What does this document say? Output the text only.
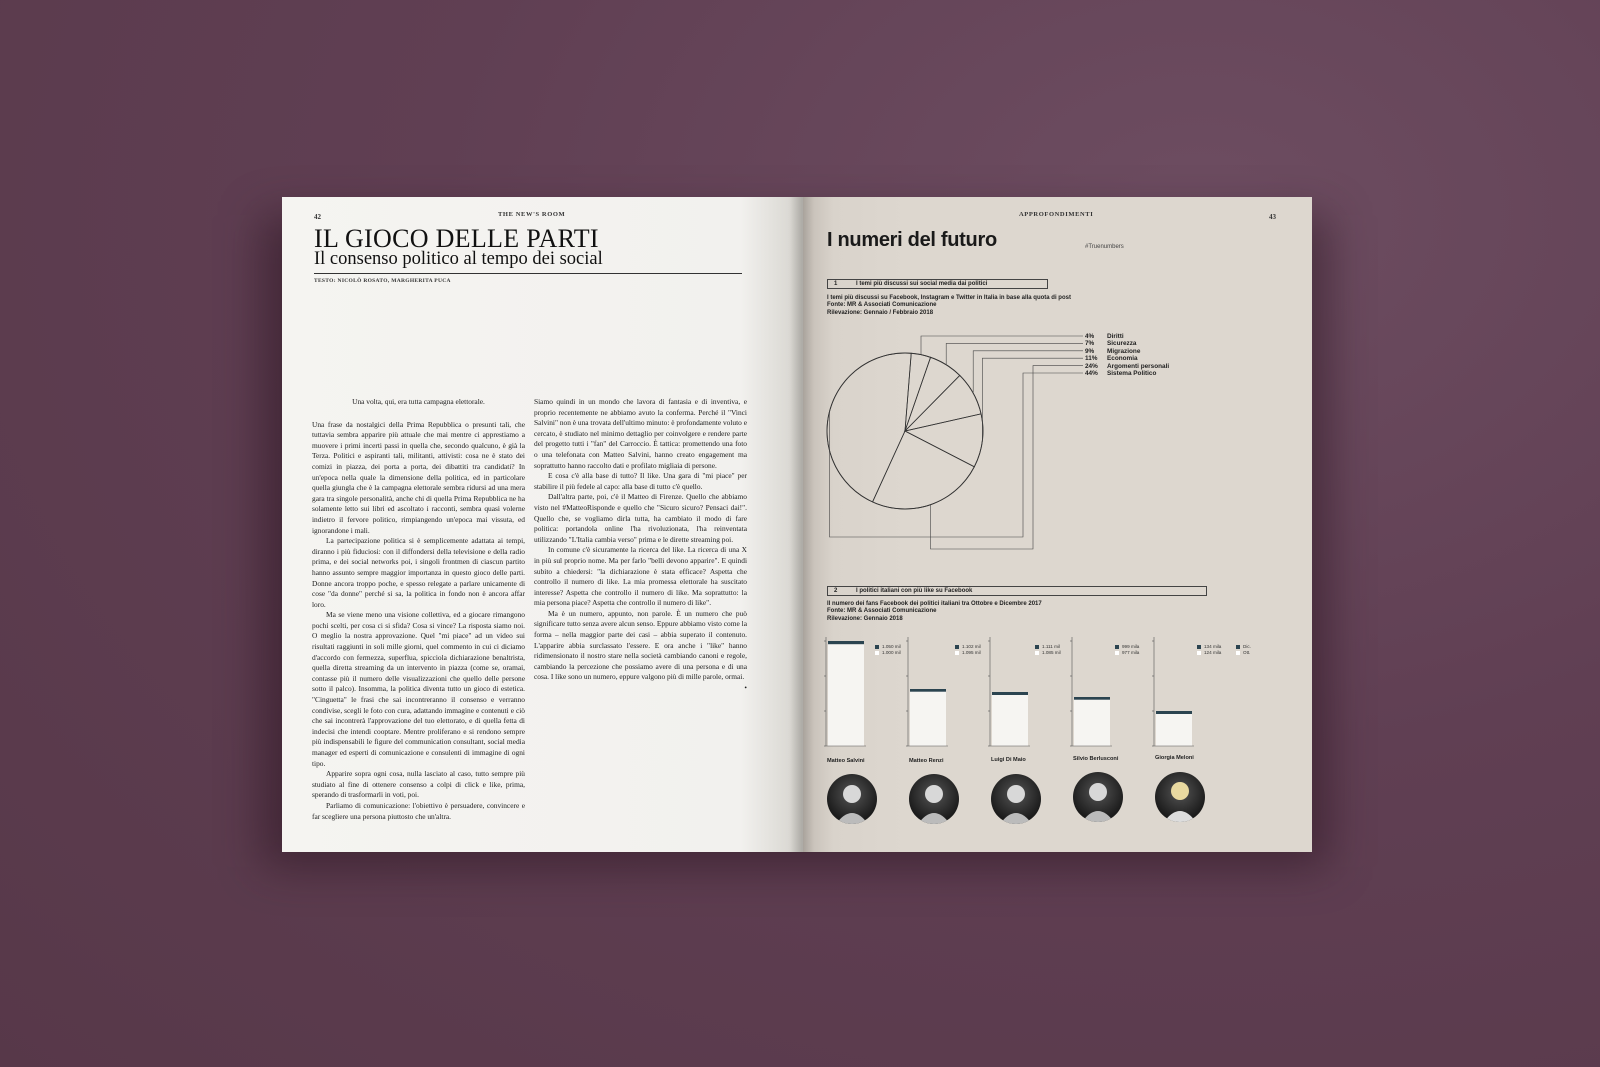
42	THE NEW'S ROOM
IL GIOCO DELLE PARTI
Il consenso politico al tempo dei social
TESTO: NICOLÒ ROSATO, MARGHERITA PUCA

Una volta, qui, era tutta campagna elettorale.

Una frase da nostalgici della Prima Repubblica o presunti tali, che tuttavia sembra apparire più attuale che mai mentre ci apprestiamo a muovere i primi incerti passi in quella che, secondo qualcuno, è già la Terza. Politici e aspiranti tali, militanti, attivisti: cosa ne è stato dei comizi in piazza, dei porta a porta, dei dibattiti tra candidati? In un'epoca nella quale la dimensione della politica, ed in particolare quella giungla che è la campagna elettorale sembra ridursi ad una mera gara tra singole personalità, anche chi di quella Prima Repubblica ne ha solamente letto sui libri ed ascoltato i racconti, sembra quasi volerne indietro il fervore politico, rimpiangendo un'epoca mai vissuta, ed ignorandone i mali.

La partecipazione politica si è semplicemente adattata ai tempi, diranno i più fiduciosi: con il diffondersi della televisione e della radio prima, e dei social networks poi, i singoli frontmen di ciascun partito hanno assunto sempre maggior importanza in questo gioco delle parti. Donne ancora troppo poche, e spesso relegate a parlare unicamente di cose "da donne" perché si sa, la politica in fondo non è ancora affar loro.

Ma se viene meno una visione collettiva, ed a giocare rimangono pochi scelti, per cosa ci si sfida? Cosa si vince? La risposta siamo noi. O meglio la nostra approvazione. Quel "mi piace" ad un video sui risultati raggiunti in soli mille giorni, quel commento in cui ci diciamo d'accordo con fermezza, superflua, spicciola dichiarazione benaltrista, quella diretta streaming da un intervento in piazza (come se, oramai, contasse più il numero delle visualizzazioni che quello delle persone sotto il palco). Insomma, la politica diventa tutto un gioco di estetica. "Cinguetta" le frasi che sai incontreranno il consenso e verranno condivise, scegli le foto con cura, adattando immagine e contenuti e ciò che sai incontrerà l'approvazione del tuo elettorato, e di quella fetta di indecisi che intendi cooptare. Mentre proliferano e si rendono sempre più indispensabili le figure del communication consultant, social media manager ed esperti di comunicazione e consulenti di immagine di ogni tipo.

Apparire sopra ogni cosa, nulla lasciato al caso, tutto sempre più studiato al fine di ottenere consenso a colpi di click e like, prima, sperando di trasformarli in voti, poi.

Parliamo di comunicazione: l'obiettivo è persuadere, convincere e far scegliere una persona piuttosto che un'altra.

Siamo quindi in un mondo che lavora di fantasia e di inventiva, e proprio recentemente ne abbiamo avuto la conferma. Perché il "Vinci Salvini" non è una trovata dell'ultimo minuto: è profondamente voluto e cercato, è studiato nel minimo dettaglio per coinvolgere e rendere parte del progetto tutti i "fan" del Carroccio. È tattica: promettendo una foto o una telefonata con Matteo Salvini, hanno creato engagement ma soprattutto hanno raccolto dati e profilato migliaia di persone.

E cosa c'è alla base di tutto? Il like. Una gara di "mi piace" per stabilire il più fedele al capo: alla base di tutto c'è quello.

Dall'altra parte, poi, c'è il Matteo di Firenze. Quello che abbiamo visto nel #MatteoRisponde e quello che "Sicuro sicuro? Pensaci dai!". Quello che, se vogliamo dirla tutta, ha cambiato il modo di fare politica: portandola online l'ha rivoluzionata, l'ha reinventata utilizzando "L'Italia cambia verso" prima e le dirette streaming poi.

In comune c'è sicuramente la ricerca del like. La ricerca di una X in più sul proprio nome. Ma per farlo "belli devono apparire". E quindi subito a chiedersi: "la dichiarazione è stata efficace? Aspetta che controllo il numero di like. La mia promessa elettorale ha suscitato interesse? Aspetta che controllo il numero di like. Ma soprattutto: la mia persona piace? Aspetta che controllo il numero di like".

Ma è un numero, appunto, non parole. È un numero che può significare tutto senza avere alcun senso. Eppure abbiamo visto come la forma – nella maggior parte dei casi – abbia superato il contenuto. L'apparire abbia surclassato l'essere. E ora anche i "like" hanno ridimensionato il nostro stare nella società cambiando canoni e regole, cambiando la percezione che possiamo avere di una persona e di una cosa. I like sono un numero, eppure valgono più di mille parole, ormai.

•

APPROFONDIMENTI	43
I numeri del futuro	#Truenumbers
1	I temi più discussi sui social media dai politici
I temi più discussi su Facebook, Instagram e Twitter in Italia in base alla quota di post
Fonte: MR & Associati Comunicazione
Rilevazione: Gennaio / Febbraio 2018
4%	Diritti
7%	Sicurezza
9%	Migrazione
11%	Economia
24%	Argomenti personali
44%	Sistema Politico
2	I politici italiani con più like su Facebook
Il numero dei fans Facebook dei politici italiani tra Ottobre e Dicembre 2017
Fonte: MR & Associati Comunicazione
Rilevazione: Gennaio 2018
1.050 mil
1.000 mil
1.102 mil
1.095 mil
1.111 mil
1.085 mil
999 mila
977 mila
134 mila
124 mila
Dic.
Ott.
Matteo Salvini	Matteo Renzi	Luigi Di Maio	Silvio Berlusconi	Giorgia Meloni
